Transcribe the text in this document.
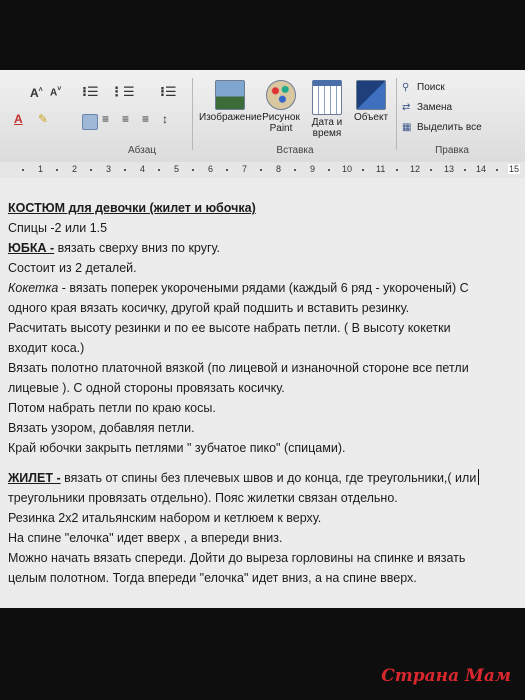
A˄ A˅ ⁝☰ ⋮☰ ⁝☰
A ✎	≡ ≡ ≡ ↕
Абзац
Изображение Рисунок
Paint
Дата и
время
Объект
Вставка
⚲ Поиск
⇄ Замена
▦ Выделить все
Правка
1	2	3	4	5	6	7	8	9	10	11	12	13 14	15
КОСТЮМ для девочки (жилет и юбочка)
Спицы -2 или 1.5
ЮБКА - вязать сверху вниз по кругу.
Состоит из 2 деталей.
Кокетка - вязать поперек укорочеными рядами (каждый 6 ряд - укороченый) С
одного края вязать косичку, другой край подшить и вставить резинку.
Расчитать высоту резинки и по ее высоте набрать петли. ( В высоту кокетки
входит коса.)
Вязать полотно платочной вязкой (по лицевой и изнаночной стороне все петли
лицевые ). С одной стороны провязать косичку.
Потом набрать петли по краю косы.
Вязать узором, добавляя петли.
Край юбочки закрыть петлями " зубчатое пико" (спицами).
ЖИЛЕТ - вязать от спины без плечевых швов и до конца, где треугольники,( или
треугольники провязать отдельно). Пояс жилетки связан отдельно.
Резинка 2х2 итальянским набором и кетлюем к верху.
На спине "елочка" идет вверх , а впереди вниз.
Можно начать вязать спереди. Дойти до выреза горловины на спинке и вязать
целым полотном. Тогда впереди "елочка" идет вниз, а на спине вверх.
Страна Мам
